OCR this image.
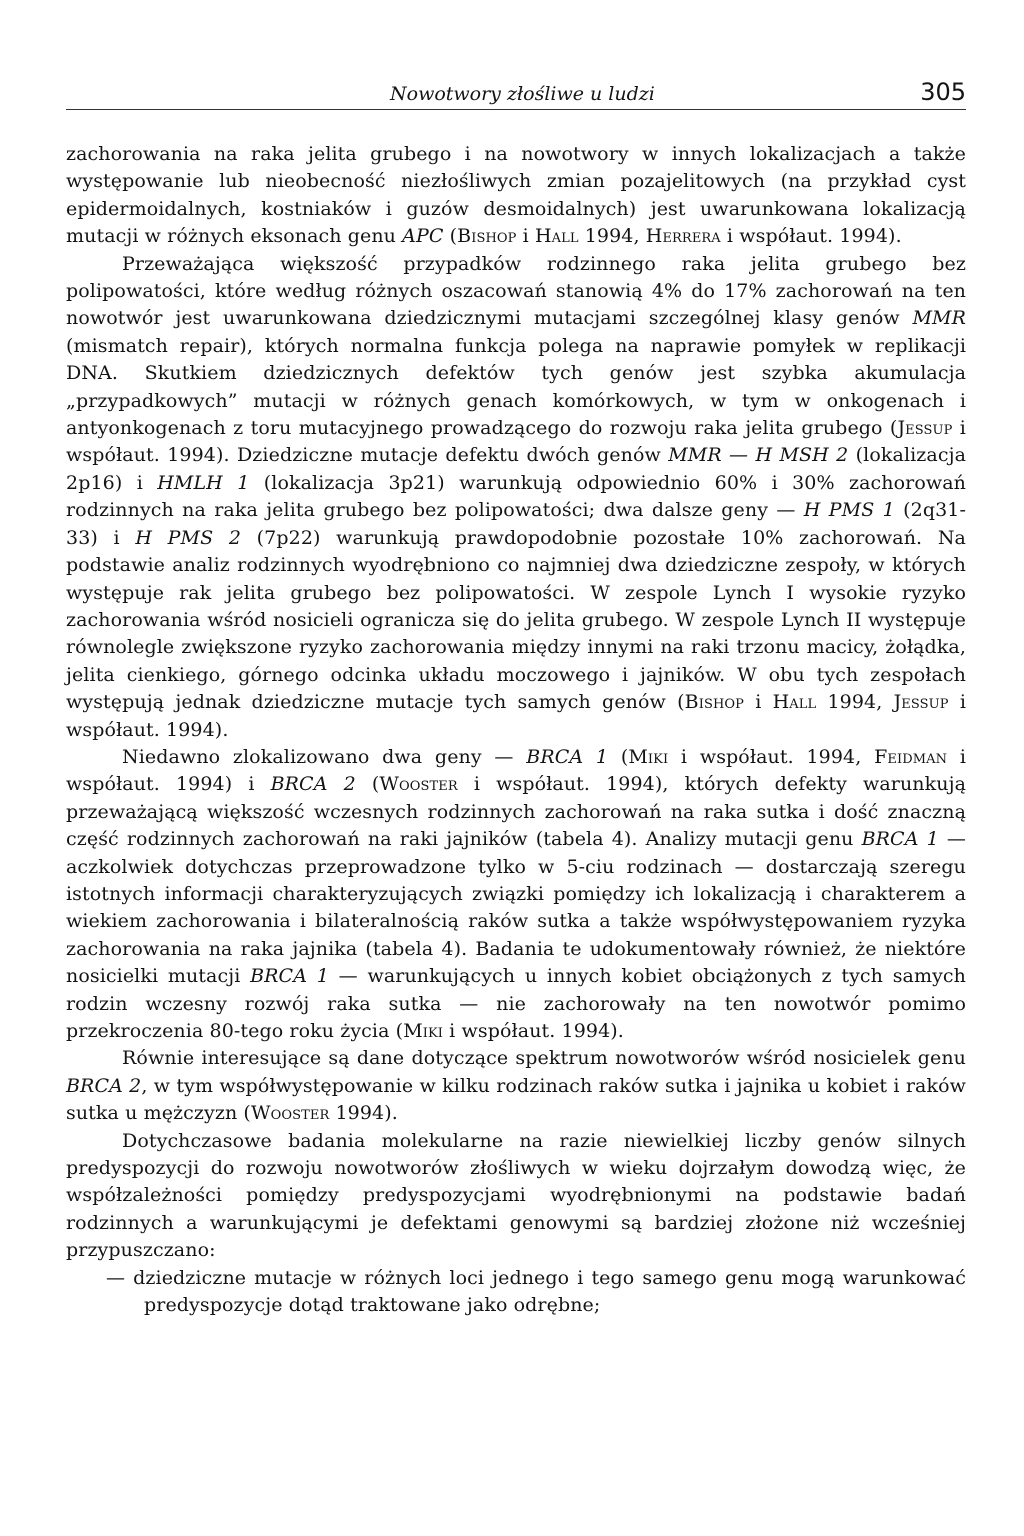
Nowotwory złośliwe u ludzi	305

zachorowania na raka jelita grubego i na nowotwory w innych lokalizacjach a także występowanie lub nieobecność niezłośliwych zmian pozajelitowych (na przykład cyst epidermoidalnych, kostniaków i guzów desmoidalnych) jest uwarunkowana lokalizacją mutacji w różnych eksonach genu APC (Bishop i Hall 1994, Herrera i współaut. 1994).

Przeważająca większość przypadków rodzinnego raka jelita grubego bez polipowatości, które według różnych oszacowań stanowią 4% do 17% zachorowań na ten nowotwór jest uwarunkowana dziedzicznymi mutacjami szczególnej klasy genów MMR (mismatch repair), których normalna funkcja polega na naprawie pomyłek w replikacji DNA. Skutkiem dziedzicznych defektów tych genów jest szybka akumulacja „przypadkowych” mutacji w różnych genach komórkowych, w tym w onkogenach i antyonkogenach z toru mutacyjnego prowadzącego do rozwoju raka jelita grubego (Jessup i współaut. 1994). Dziedziczne mutacje defektu dwóch genów MMR — H MSH 2 (lokalizacja 2p16) i HMLH 1 (lokalizacja 3p21) warunkują odpowiednio 60% i 30% zachorowań rodzinnych na raka jelita grubego bez polipowatości; dwa dalsze geny — H PMS 1 (2q31-33) i H PMS 2 (7p22) warunkują prawdopodobnie pozostałe 10% zachorowań. Na podstawie analiz rodzinnych wyodrębniono co najmniej dwa dziedziczne zespoły, w których występuje rak jelita grubego bez polipowatości. W zespole Lynch I wysokie ryzyko zachorowania wśród nosicieli ogranicza się do jelita grubego. W zespole Lynch II występuje równolegle zwiększone ryzyko zachorowania między innymi na raki trzonu macicy, żołądka, jelita cienkiego, górnego odcinka układu moczowego i jajników. W obu tych zespołach występują jednak dziedziczne mutacje tych samych genów (Bishop i Hall 1994, Jessup i współaut. 1994).

Niedawno zlokalizowano dwa geny — BRCA 1 (Miki i współaut. 1994, Feidman i współaut. 1994) i BRCA 2 (Wooster i współaut. 1994), których defekty warunkują przeważającą większość wczesnych rodzinnych zachorowań na raka sutka i dość znaczną część rodzinnych zachorowań na raki jajników (tabela 4). Analizy mutacji genu BRCA 1 — aczkolwiek dotychczas przeprowadzone tylko w 5-ciu rodzinach — dostarczają szeregu istotnych informacji charakteryzujących związki pomiędzy ich lokalizacją i charakterem a wiekiem zachorowania i bilateralnością raków sutka a także współwystępowaniem ryzyka zachorowania na raka jajnika (tabela 4). Badania te udokumentowały również, że niektóre nosicielki mutacji BRCA 1 — warunkujących u innych kobiet obciążonych z tych samych rodzin wczesny rozwój raka sutka — nie zachorowały na ten nowotwór pomimo przekroczenia 80-tego roku życia (Miki i współaut. 1994).

Równie interesujące są dane dotyczące spektrum nowotworów wśród nosicielek genu BRCA 2, w tym współwystępowanie w kilku rodzinach raków sutka i jajnika u kobiet i raków sutka u mężczyzn (Wooster 1994).

Dotychczasowe badania molekularne na razie niewielkiej liczby genów silnych predyspozycji do rozwoju nowotworów złośliwych w wieku dojrzałym dowodzą więc, że współzależności pomiędzy predyspozycjami wyodrębnionymi na podstawie badań rodzinnych a warunkującymi je defektami genowymi są bardziej złożone niż wcześniej przypuszczano:

— dziedziczne mutacje w różnych loci jednego i tego samego genu mogą warunkować predyspozycje dotąd traktowane jako odrębne;
